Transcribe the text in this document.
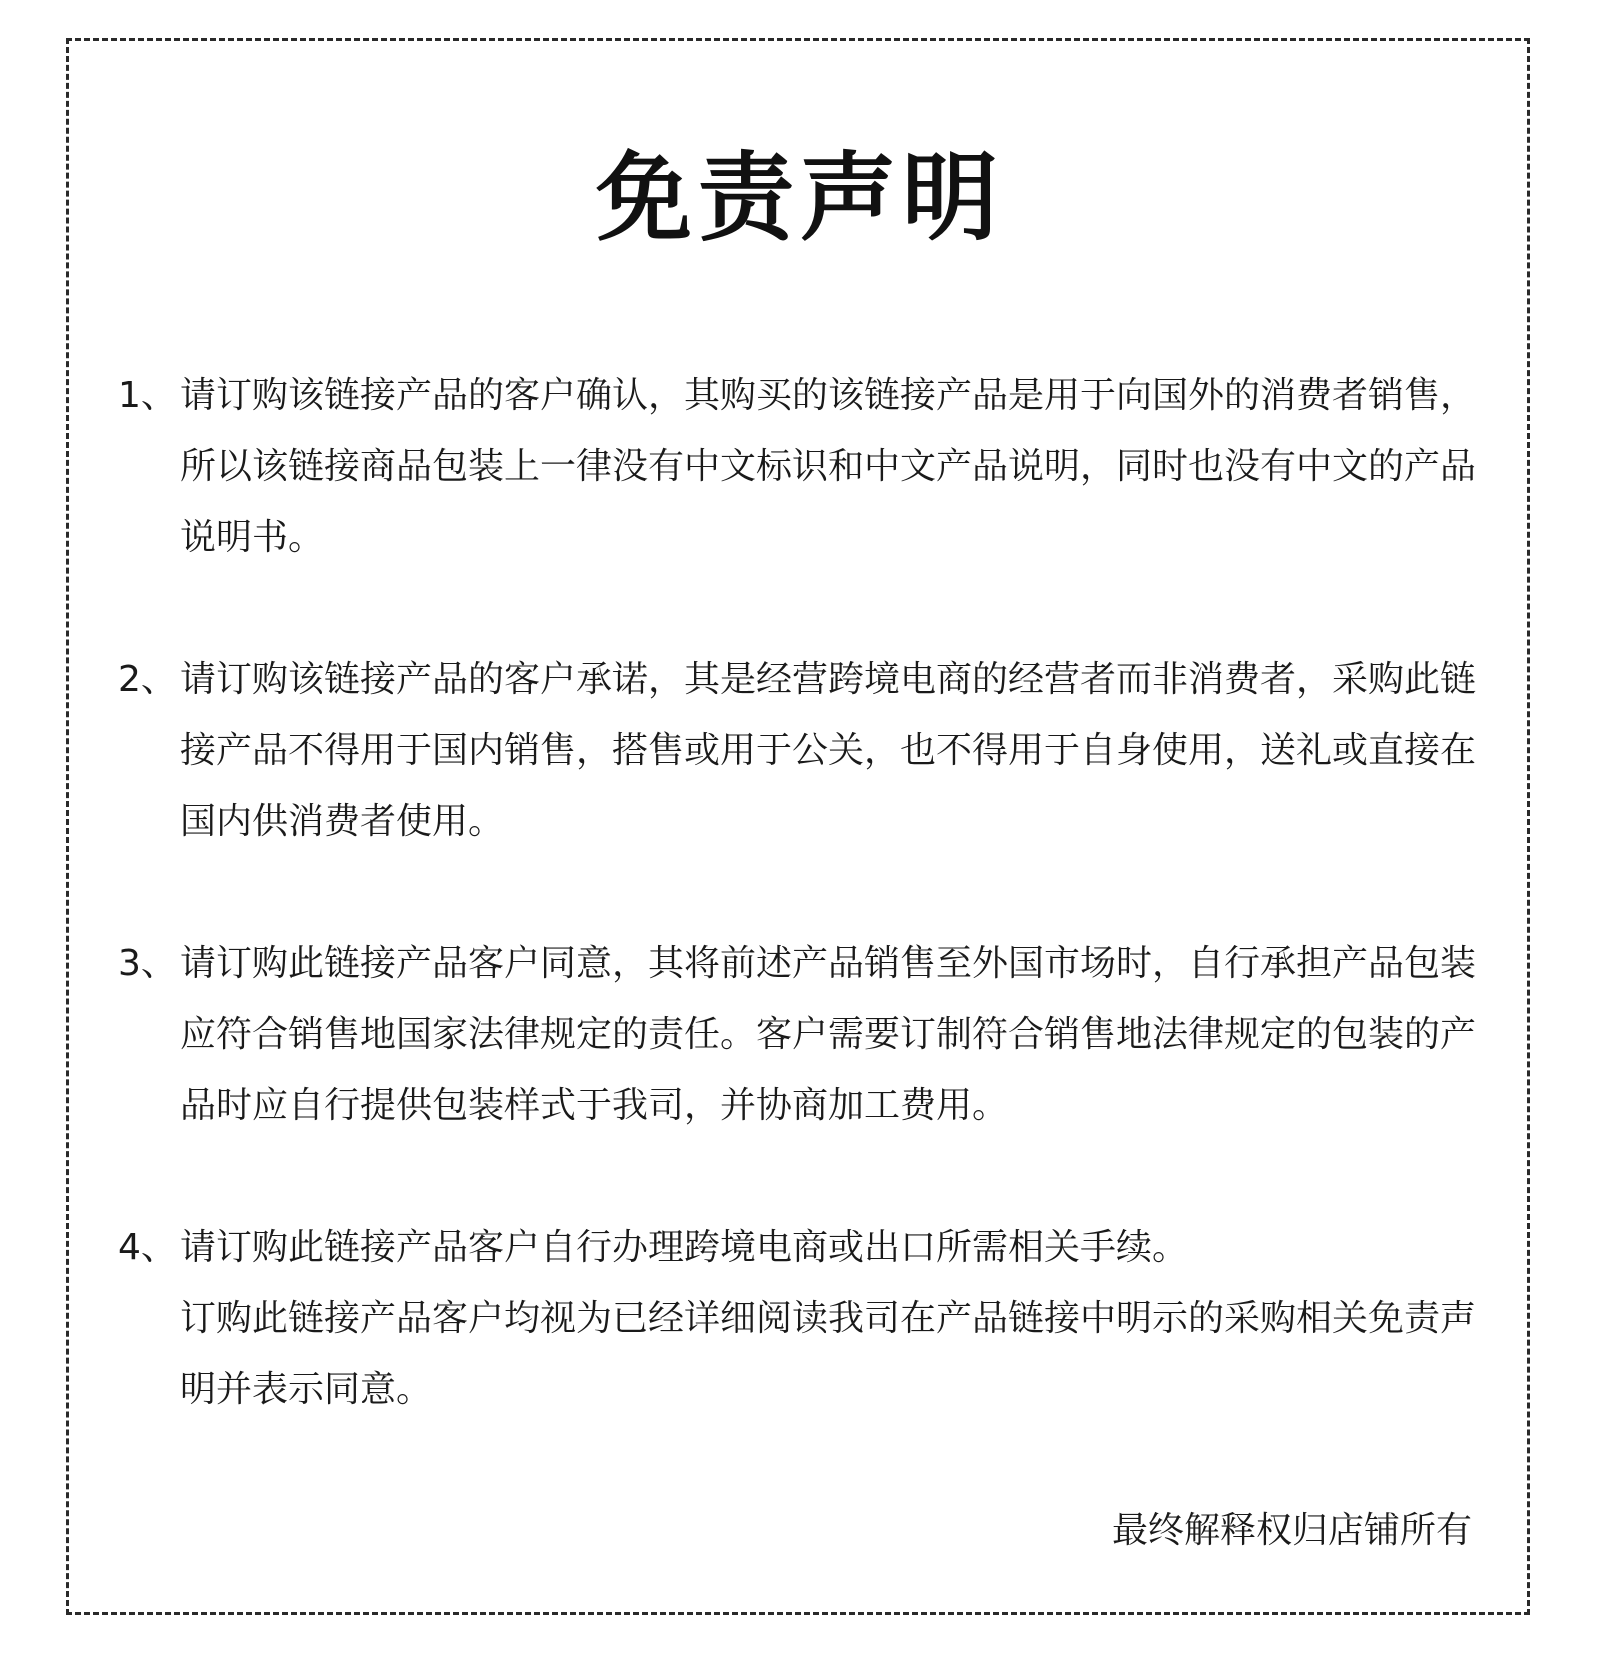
免责声明
1、 请订购该链接产品的客户确认，其购买的该链接产品是用于向国外的消费者销售，所以该链接商品包装上一律没有中文标识和中文产品说明，同时也没有中文的产品说明书。
2、 请订购该链接产品的客户承诺，其是经营跨境电商的经营者而非消费者，采购此链接产品不得用于国内销售，搭售或用于公关，也不得用于自身使用，送礼或直接在国内供消费者使用。
3、 请订购此链接产品客户同意，其将前述产品销售至外国市场时，自行承担产品包装应符合销售地国家法律规定的责任。客户需要订制符合销售地法律规定的包装的产品时应自行提供包装样式于我司，并协商加工费用。
4、 请订购此链接产品客户自行办理跨境电商或出口所需相关手续。
订购此链接产品客户均视为已经详细阅读我司在产品链接中明示的采购相关免责声明并表示同意。
最终解释权归店铺所有
